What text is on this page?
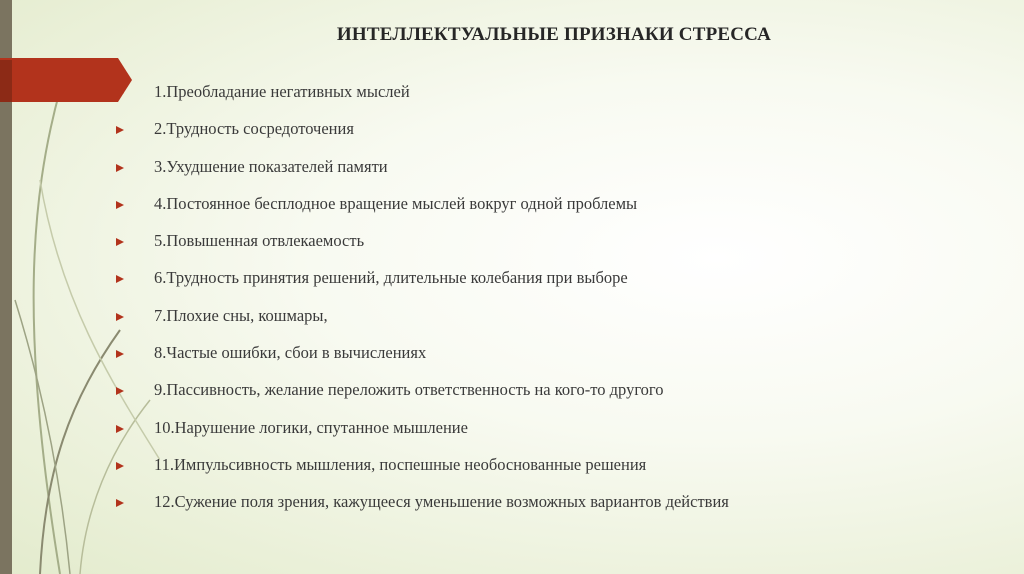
ИНТЕЛЛЕКТУАЛЬНЫЕ ПРИЗНАКИ СТРЕССА
1.Преобладание негативных мыслей
2.Трудность сосредоточения
3.Ухудшение показателей памяти
4.Постоянное бесплодное вращение мыслей вокруг одной проблемы
5.Повышенная отвлекаемость
6.Трудность принятия решений, длительные колебания при выборе
7.Плохие сны, кошмары,
8.Частые ошибки, сбои в вычислениях
9.Пассивность, желание переложить ответственность на кого-то другого
10.Нарушение логики, спутанное мышление
11.Импульсивность мышления, поспешные необоснованные решения
12.Сужение поля зрения, кажущееся уменьшение возможных вариантов действия
